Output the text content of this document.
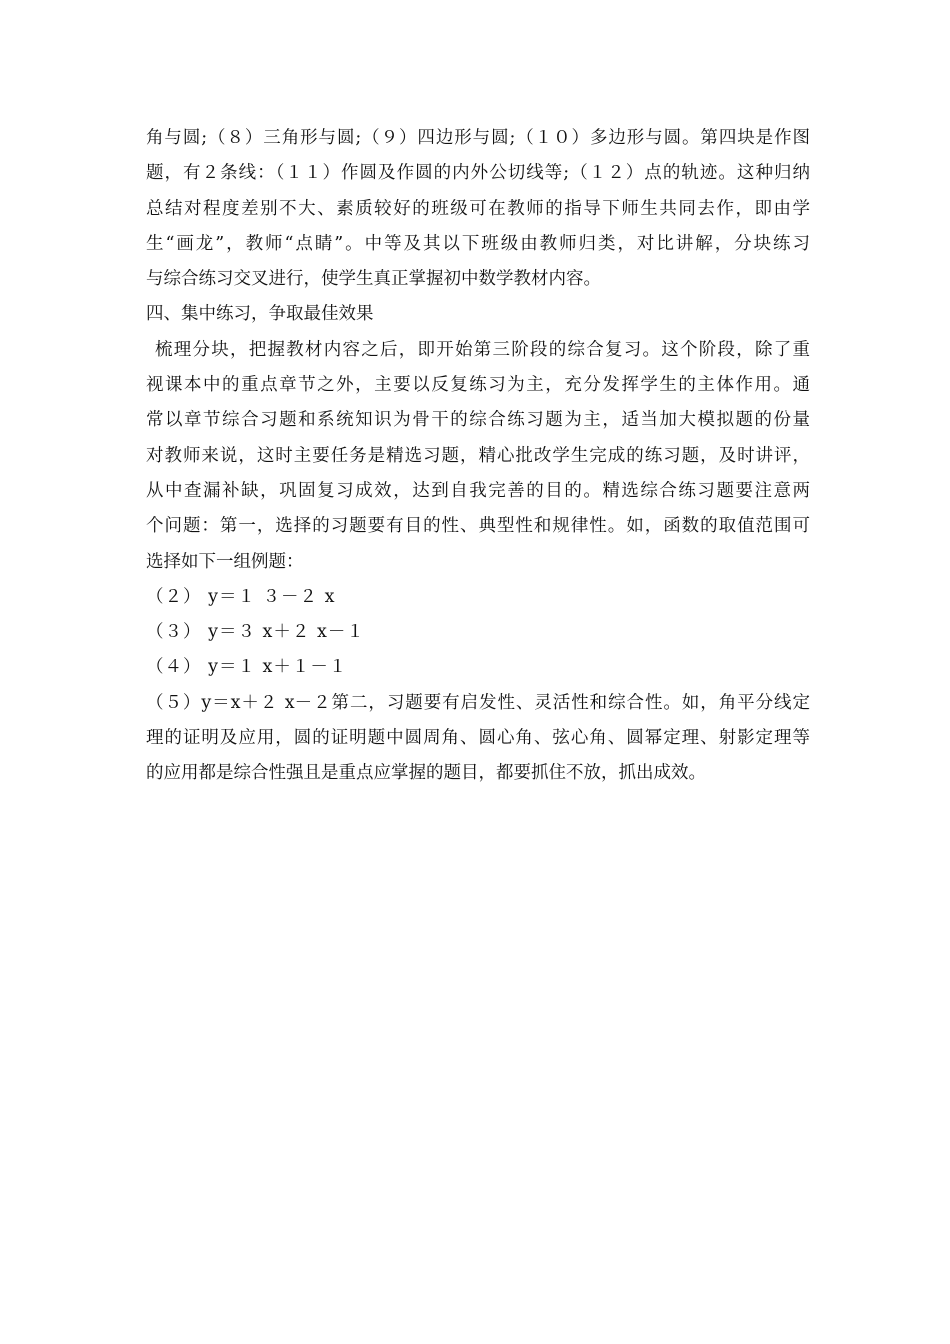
角与圆;（８）三角形与圆;（９）四边形与圆;（１０）多边形与圆。第四块是作图
题，有２条线：（１１）作圆及作圆的内外公切线等;（１２）点的轨迹。这种归纳
总结对程度差别不大、素质较好的班级可在教师的指导下师生共同去作，即由学
生“画龙”，教师“点睛”。中等及其以下班级由教师归类，对比讲解，分块练习
与综合练习交叉进行，使学生真正掌握初中数学教材内容。
四、集中练习，争取最佳效果
梳理分块，把握教材内容之后，即开始第三阶段的综合复习。这个阶段，除了重
视课本中的重点章节之外，主要以反复练习为主，充分发挥学生的主体作用。通
常以章节综合习题和系统知识为骨干的综合练习题为主，适当加大模拟题的份量
对教师来说，这时主要任务是精选习题，精心批改学生完成的练习题，及时讲评，
从中查漏补缺，巩固复习成效，达到自我完善的目的。精选综合练习题要注意两
个问题：第一，选择的习题要有目的性、典型性和规律性。如，函数的取值范围可
选择如下一组例题：
（２） y＝１ ３－２ x
（３） y＝３ x＋２ x－１
（４） y＝１ x＋１－１
（５）y＝x＋２ x－２第二，习题要有启发性、灵活性和综合性。如，角平分线定
理的证明及应用，圆的证明题中圆周角、圆心角、弦心角、圆幂定理、射影定理等
的应用都是综合性强且是重点应掌握的题目，都要抓住不放，抓出成效。
